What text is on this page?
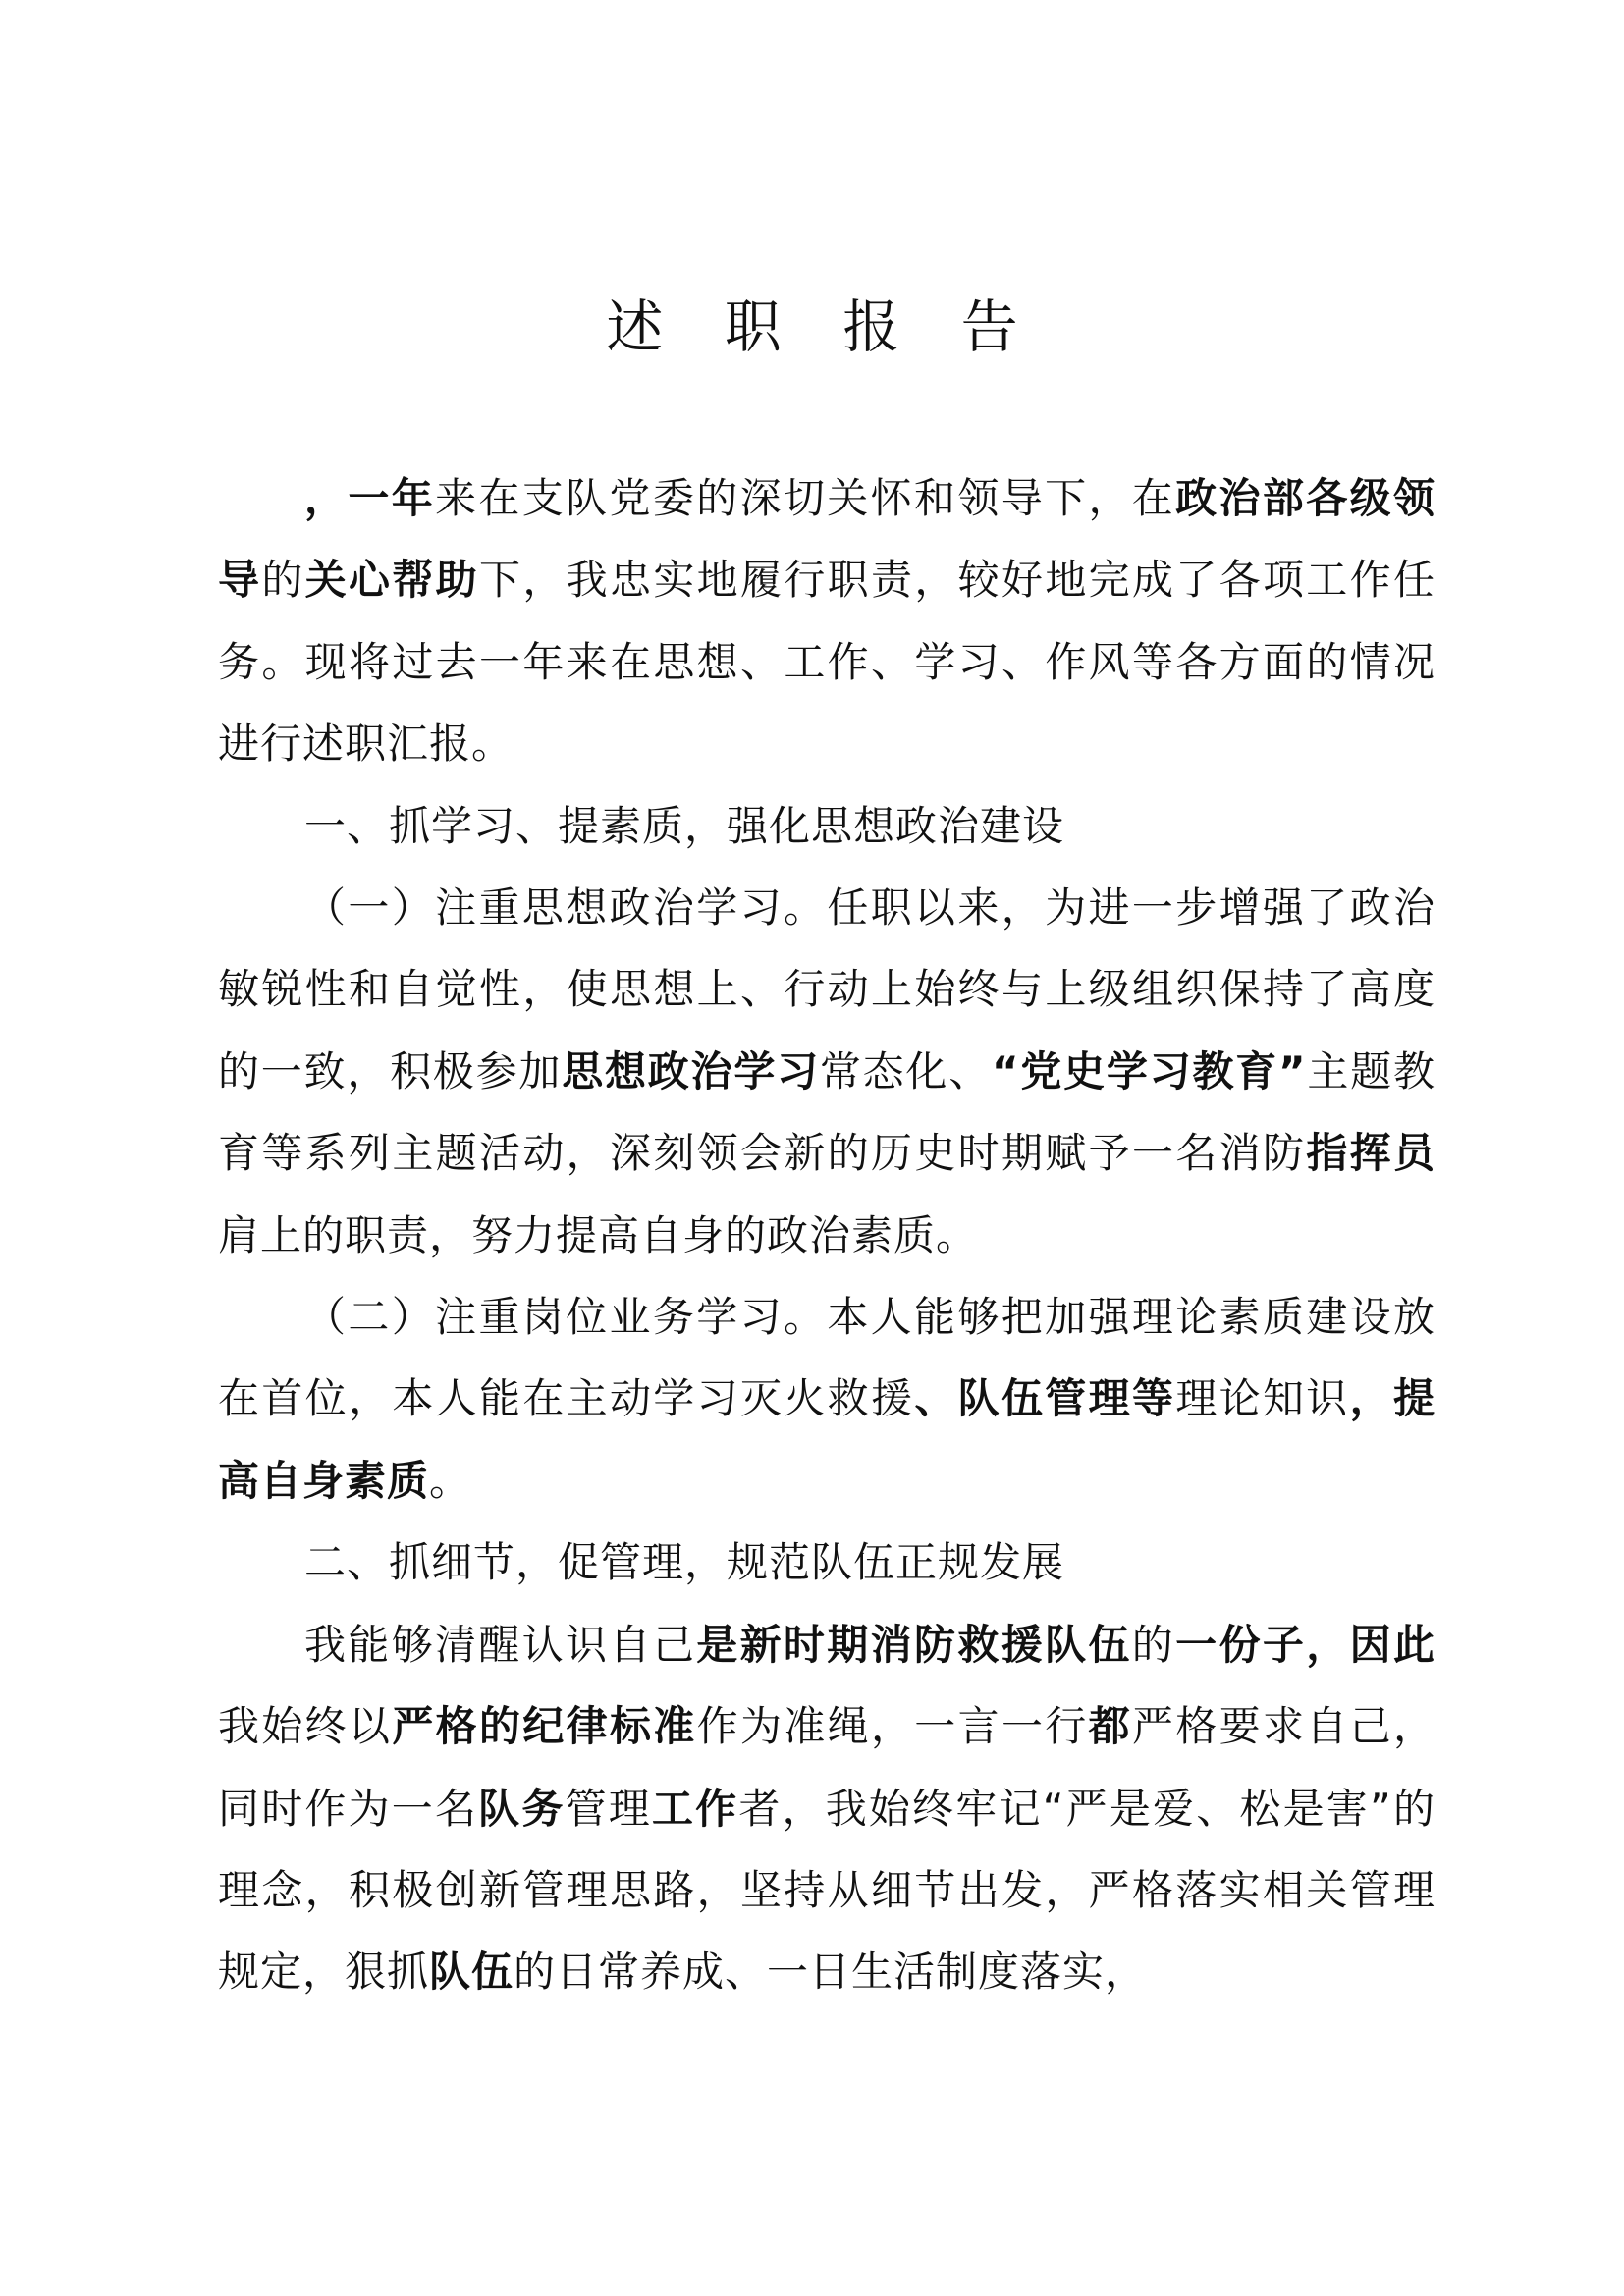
述 职 报 告

，一年来在支队党委的深切关怀和领导下，在政治部各级领导的关心帮助下，我忠实地履行职责，较好地完成了各项工作任务。现将过去一年来在思想、工作、学习、作风等各方面的情况进行述职汇报。

一、抓学习、提素质，强化思想政治建设

（一）注重思想政治学习。任职以来，为进一步增强了政治敏锐性和自觉性，使思想上、行动上始终与上级组织保持了高度的一致，积极参加思想政治学习常态化、“党史学习教育”主题教育等系列主题活动，深刻领会新的历史时期赋予一名消防指挥员肩上的职责，努力提高自身的政治素质。

（二）注重岗位业务学习。本人能够把加强理论素质建设放在首位，本人能在主动学习灭火救援、队伍管理等理论知识，提高自身素质。

二、抓细节，促管理，规范队伍正规发展

我能够清醒认识自己是新时期消防救援队伍的一份子，因此我始终以严格的纪律标准作为准绳，一言一行都严格要求自己，同时作为一名队务管理工作者，我始终牢记“严是爱、松是害”的理念，积极创新管理思路，坚持从细节出发，严格落实相关管理规定，狠抓队伍的日常养成、一日生活制度落实，
